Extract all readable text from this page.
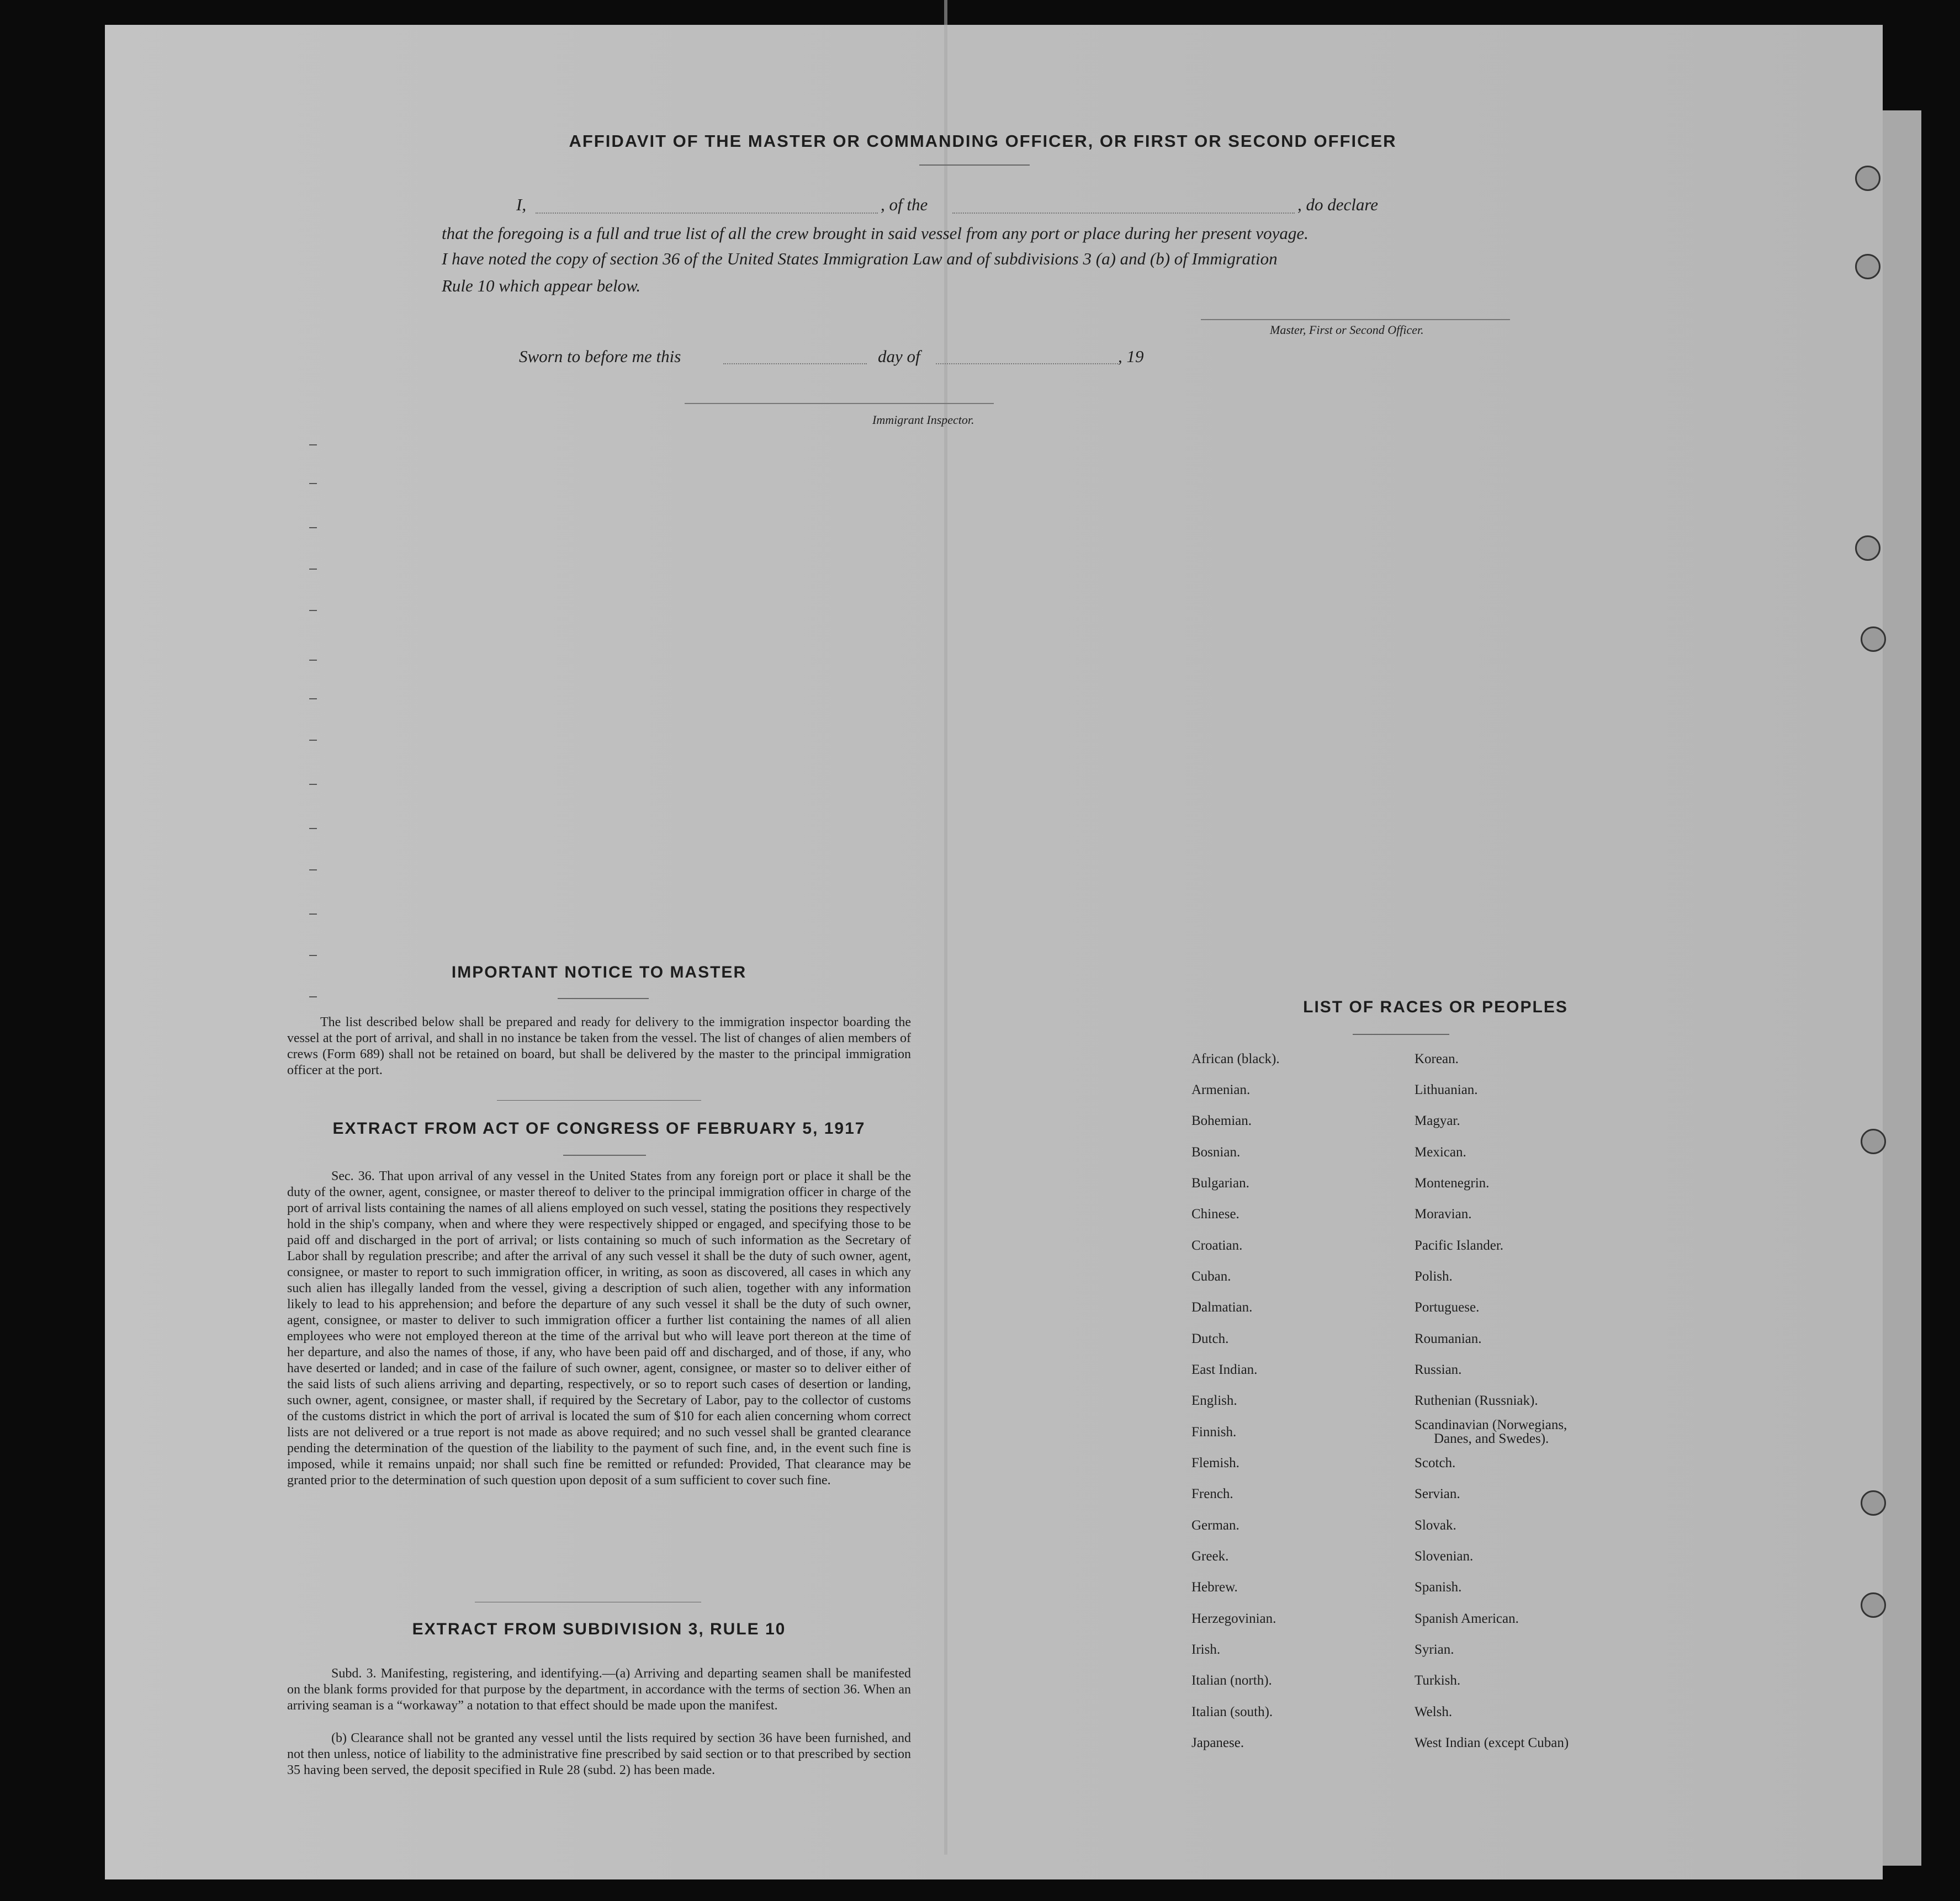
AFFIDAVIT OF THE MASTER OR COMMANDING OFFICER, OR FIRST OR SECOND OFFICER
I,	, of the	, do declare
that the foregoing is a full and true list of all the crew brought in said vessel from any port or place during her present voyage.
I have noted the copy of section 36 of the United States Immigration Law and of subdivisions 3 (a) and (b) of Immigration
Rule 10 which appear below.
Master, First or Second Officer.
Sworn to before me this	day of	, 19
Immigrant Inspector.
IMPORTANT NOTICE TO MASTER
The list described below shall be prepared and ready for delivery to the immigration inspector boarding the vessel at the port of arrival, and shall in no instance be taken from the vessel. The list of changes of alien members of crews (Form 689) shall not be retained on board, but shall be delivered by the master to the principal immigration officer at the port.
EXTRACT FROM ACT OF CONGRESS OF FEBRUARY 5, 1917
Sec. 36. That upon arrival of any vessel in the United States from any foreign port or place it shall be the duty of the owner, agent, consignee, or master thereof to deliver to the principal immigration officer in charge of the port of arrival lists containing the names of all aliens employed on such vessel, stating the positions they respectively hold in the ship's company, when and where they were respectively shipped or engaged, and specifying those to be paid off and discharged in the port of arrival; or lists containing so much of such information as the Secretary of Labor shall by regulation prescribe; and after the arrival of any such vessel it shall be the duty of such owner, agent, consignee, or master to report to such immigration officer, in writing, as soon as discovered, all cases in which any such alien has illegally landed from the vessel, giving a description of such alien, together with any information likely to lead to his apprehension; and before the departure of any such vessel it shall be the duty of such owner, agent, consignee, or master to deliver to such immigration officer a further list containing the names of all alien employees who were not employed thereon at the time of the arrival but who will leave port thereon at the time of her departure, and also the names of those, if any, who have been paid off and discharged, and of those, if any, who have deserted or landed; and in case of the failure of such owner, agent, consignee, or master so to deliver either of the said lists of such aliens arriving and departing, respectively, or so to report such cases of desertion or landing, such owner, agent, consignee, or master shall, if required by the Secretary of Labor, pay to the collector of customs of the customs district in which the port of arrival is located the sum of $10 for each alien concerning whom correct lists are not delivered or a true report is not made as above required; and no such vessel shall be granted clearance pending the determination of the question of the liability to the payment of such fine, and, in the event such fine is imposed, while it remains unpaid; nor shall such fine be remitted or refunded: Provided, That clearance may be granted prior to the determination of such question upon deposit of a sum sufficient to cover such fine.
EXTRACT FROM SUBDIVISION 3, RULE 10
Subd. 3. Manifesting, registering, and identifying.—(a) Arriving and departing seamen shall be manifested on the blank forms provided for that purpose by the department, in accordance with the terms of section 36. When an arriving seaman is a “workaway” a notation to that effect should be made upon the manifest.
(b) Clearance shall not be granted any vessel until the lists required by section 36 have been furnished, and not then unless, notice of liability to the administrative fine prescribed by said section or to that prescribed by section 35 having been served, the deposit specified in Rule 28 (subd. 2) has been made.
LIST OF RACES OR PEOPLES
African (black).
Armenian.
Bohemian.
Bosnian.
Bulgarian.
Chinese.
Croatian.
Cuban.
Dalmatian.
Dutch.
East Indian.
English.
Finnish.
Flemish.
French.
German.
Greek.
Hebrew.
Herzegovinian.
Irish.
Italian (north).
Italian (south).
Japanese.
Korean.
Lithuanian.
Magyar.
Mexican.
Montenegrin.
Moravian.
Pacific Islander.
Polish.
Portuguese.
Roumanian.
Russian.
Ruthenian (Russniak).
Scandinavian (Norwegians,
Danes, and Swedes).
Scotch.
Servian.
Slovak.
Slovenian.
Spanish.
Spanish American.
Syrian.
Turkish.
Welsh.
West Indian (except Cuban)
